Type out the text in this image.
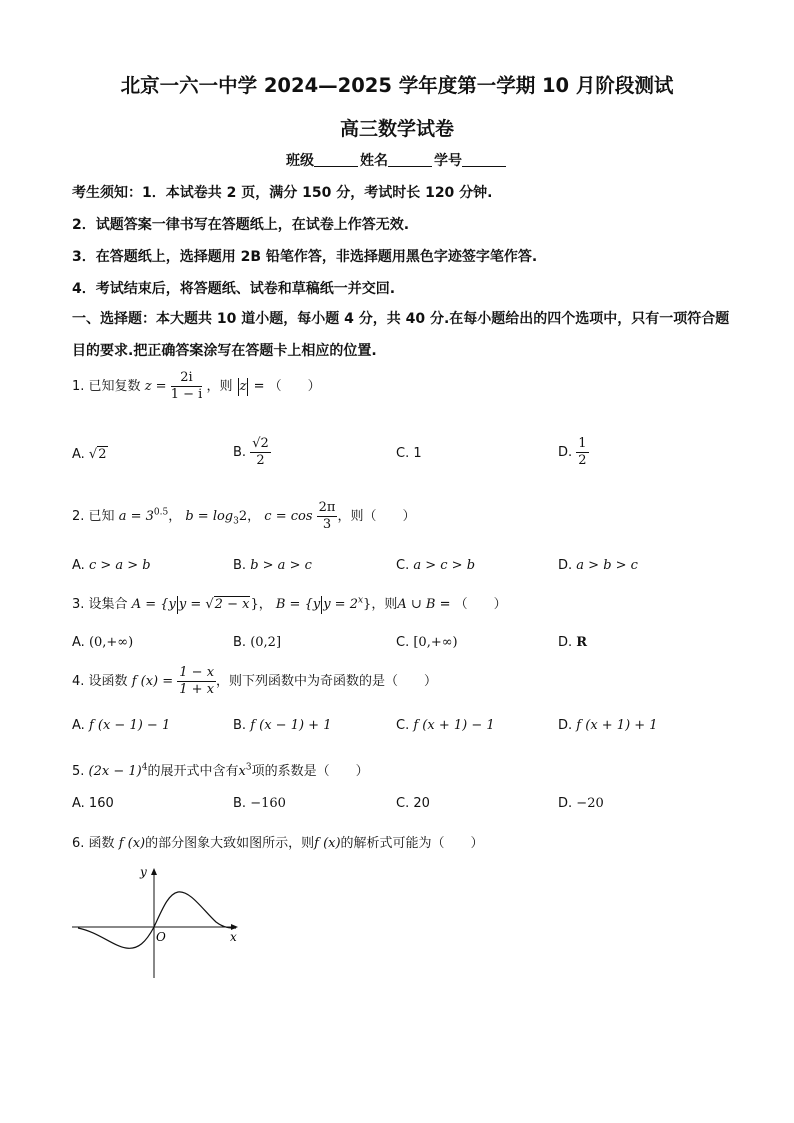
北京一六一中学 2024—2025 学年度第一学期 10 月阶段测试
高三数学试卷
班级	姓名	学号
考生须知：1．本试卷共 2 页，满分 150 分，考试时长 120 分钟.
2．试题答案一律书写在答题纸上，在试卷上作答无效.
3．在答题纸上，选择题用 2B 铅笔作答，非选择题用黑色字迹签字笔作答.
4．考试结束后，将答题纸、试卷和草稿纸一并交回.
一、选择题：本大题共 10 道小题，每小题 4 分，共 40 分.在每小题给出的四个选项中，只有一项符合题目的要求.把正确答案涂写在答题卡上相应的位置.
1. 已知复数 $z = \frac{2i}{1 - i}$ ，则 z = （　　）
A. √2	B. $\frac{√2}{2}$	C. 1	D. $\frac{1}{2}$
2. 已知 $a = 3^{0.5}$， $b = \log_32$， $c = \cos \frac{2\pi}{3}$ ，则（　　）
A. c > a > b	B. b > a > c	C. a > c > b	D. a > b > c
3. 设集合 A = {y y = √2 − x}， B = {y $y = 2^x$}，则A ∪ B = （　　）
A. (0,+∞)	B. (0,2]	C. [0,+∞)	D. R
4. 设函数 f $(x) = \frac{1 - x}{1 + x}$ ，则下列函数中为奇函数的是（　　）
A. f (x − 1) − 1	B. f (x − 1) + 1	C. f (x + 1) − 1	D. f (x + 1) + 1
5. $(2x - 1)^4$的展开式中含有$x^3$项的系数是（　　）
A. 160	B. −160	C. 20	D. −20
6. 函数 f (x)的部分图象大致如图所示，则f (x)的解析式可能为（　　）
y
x
O
